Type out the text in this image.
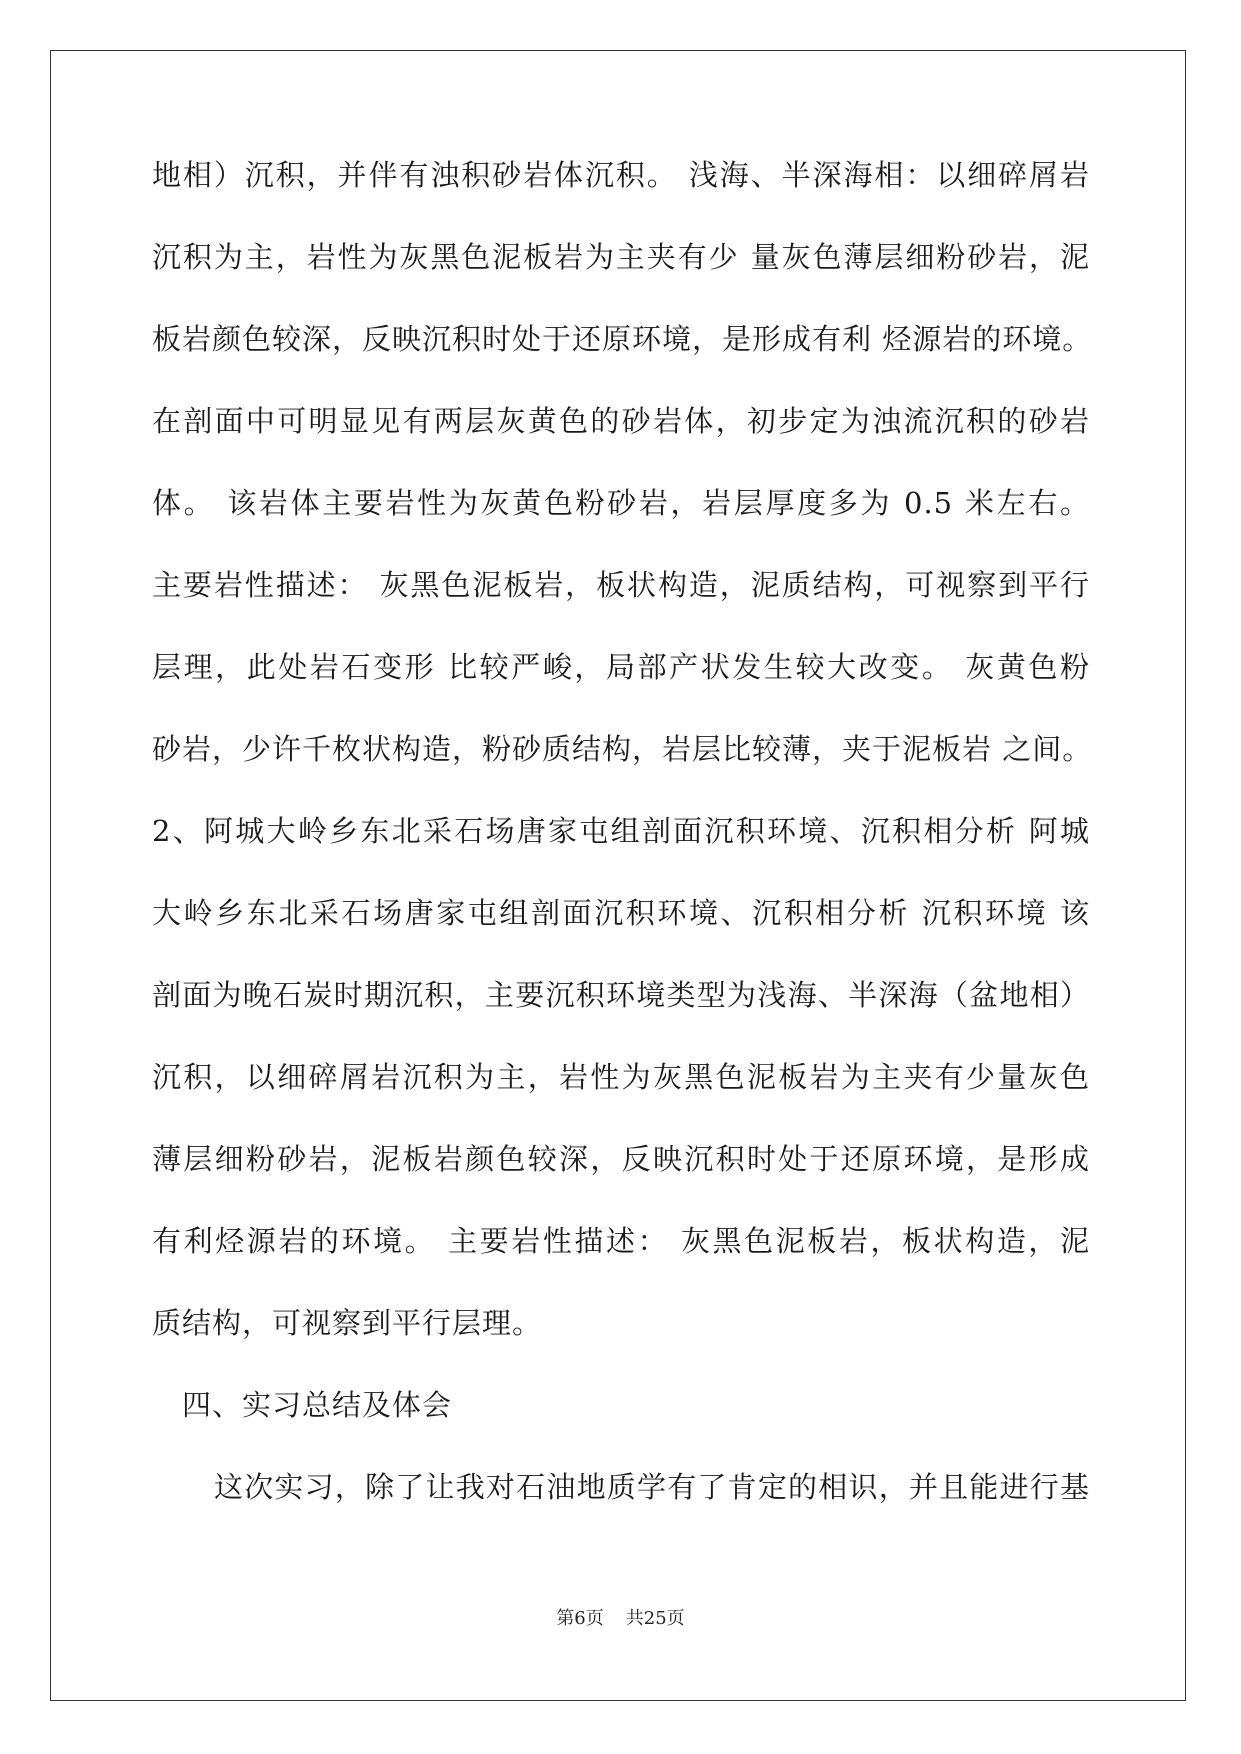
地相）沉积，并伴有浊积砂岩体沉积。 浅海、半深海相：以细碎屑岩
沉积为主，岩性为灰黑色泥板岩为主夹有少 量灰色薄层细粉砂岩，泥
板岩颜色较深，反映沉积时处于还原环境，是形成有利 烃源岩的环境。
在剖面中可明显见有两层灰黄色的砂岩体，初步定为浊流沉积的砂岩
体。 该岩体主要岩性为灰黄色粉砂岩，岩层厚度多为 0.5 米左右。
主要岩性描述： 灰黑色泥板岩，板状构造，泥质结构，可视察到平行
层理，此处岩石变形 比较严峻，局部产状发生较大改变。 灰黄色粉
砂岩，少许千枚状构造，粉砂质结构，岩层比较薄，夹于泥板岩 之间。
2、阿城大岭乡东北采石场唐家屯组剖面沉积环境、沉积相分析 阿城
大岭乡东北采石场唐家屯组剖面沉积环境、沉积相分析 沉积环境 该
剖面为晚石炭时期沉积，主要沉积环境类型为浅海、半深海（盆地相）
沉积，以细碎屑岩沉积为主，岩性为灰黑色泥板岩为主夹有少量灰色
薄层细粉砂岩，泥板岩颜色较深，反映沉积时处于还原环境，是形成
有利烃源岩的环境。 主要岩性描述： 灰黑色泥板岩，板状构造，泥
质结构，可视察到平行层理。
四、实习总结及体会
这次实习，除了让我对石油地质学有了肯定的相识，并且能进行基
第6页 共25页
